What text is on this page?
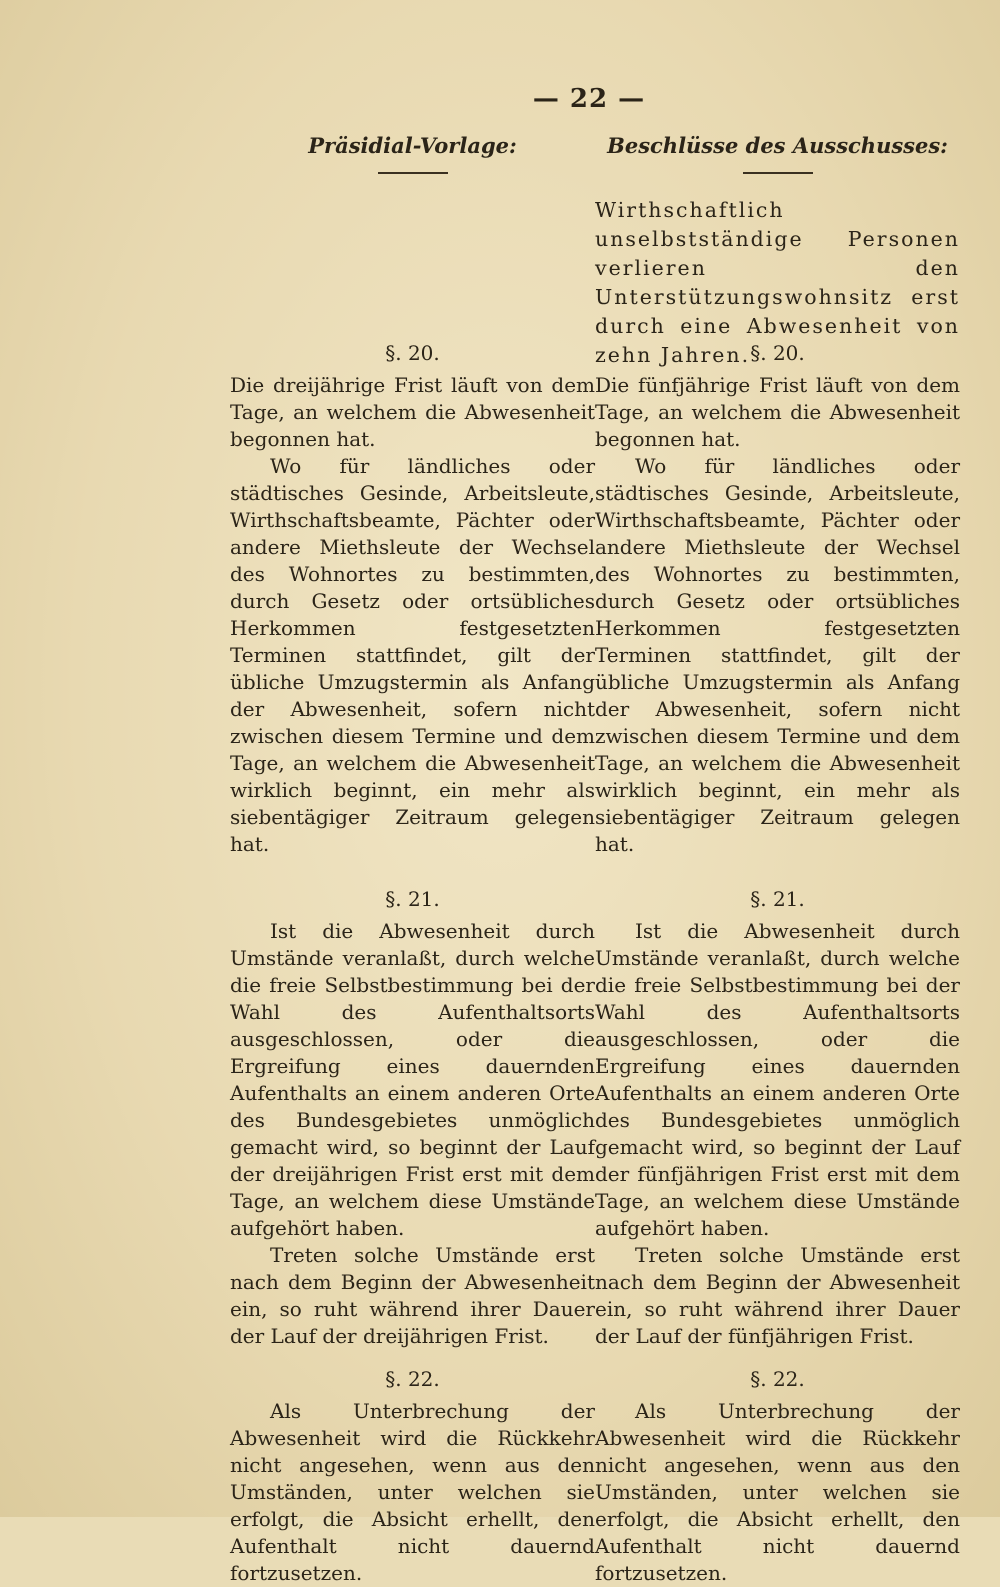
— 22 —
Präsidial-Vorlage:
§. 20.

Die dreijährige Frist läuft von dem Tage, an welchem die Abwesenheit begonnen hat.

Wo für ländliches oder städtisches Gesinde, Arbeitsleute, Wirthschaftsbeamte, Pächter oder andere Miethsleute der Wechsel des Wohnortes zu bestimmten, durch Gesetz oder ortsübliches Herkommen festgesetzten Terminen stattfindet, gilt der übliche Umzugstermin als Anfang der Abwesenheit, sofern nicht zwischen diesem Termine und dem Tage, an welchem die Abwesenheit wirklich beginnt, ein mehr als siebentägiger Zeitraum gelegen hat.

§. 21.

Ist die Abwesenheit durch Umstände veranlaßt, durch welche die freie Selbstbestimmung bei der Wahl des Aufenthaltsorts ausgeschlossen, oder die Ergreifung eines dauernden Aufenthalts an einem anderen Orte des Bundesgebietes unmöglich gemacht wird, so beginnt der Lauf der dreijährigen Frist erst mit dem Tage, an welchem diese Umstände aufgehört haben.

Treten solche Umstände erst nach dem Beginn der Abwesenheit ein, so ruht während ihrer Dauer der Lauf der dreijährigen Frist.

§. 22.

Als Unterbrechung der Abwesenheit wird die Rückkehr nicht angesehen, wenn aus den Umständen, unter welchen sie erfolgt, die Absicht erhellt, den Aufenthalt nicht dauernd fortzusetzen.

Beschlüsse des Ausschusses:
Wirthschaftlich unselbstständige Personen verlieren den Unterstützungswohnsitz erst durch eine Abwesenheit von zehn Jahren. §. 20.

Die fünfjährige Frist läuft von dem Tage, an welchem die Abwesenheit begonnen hat.

Wo für ländliches oder städtisches Gesinde, Arbeitsleute, Wirthschaftsbeamte, Pächter oder andere Miethsleute der Wechsel des Wohnortes zu bestimmten, durch Gesetz oder ortsübliches Herkommen festgesetzten Terminen stattfindet, gilt der übliche Umzugstermin als Anfang der Abwesenheit, sofern nicht zwischen diesem Termine und dem Tage, an welchem die Abwesenheit wirklich beginnt, ein mehr als siebentägiger Zeitraum gelegen hat.

§. 21.

Ist die Abwesenheit durch Umstände veranlaßt, durch welche die freie Selbstbestimmung bei der Wahl des Aufenthaltsorts ausgeschlossen, oder die Ergreifung eines dauernden Aufenthalts an einem anderen Orte des Bundesgebietes unmöglich gemacht wird, so beginnt der Lauf der fünfjährigen Frist erst mit dem Tage, an welchem diese Umstände aufgehört haben.

Treten solche Umstände erst nach dem Beginn der Abwesenheit ein, so ruht während ihrer Dauer der Lauf der fünfjährigen Frist.

§. 22.

Als Unterbrechung der Abwesenheit wird die Rückkehr nicht angesehen, wenn aus den Umständen, unter welchen sie erfolgt, die Absicht erhellt, den Aufenthalt nicht dauernd fortzusetzen.
